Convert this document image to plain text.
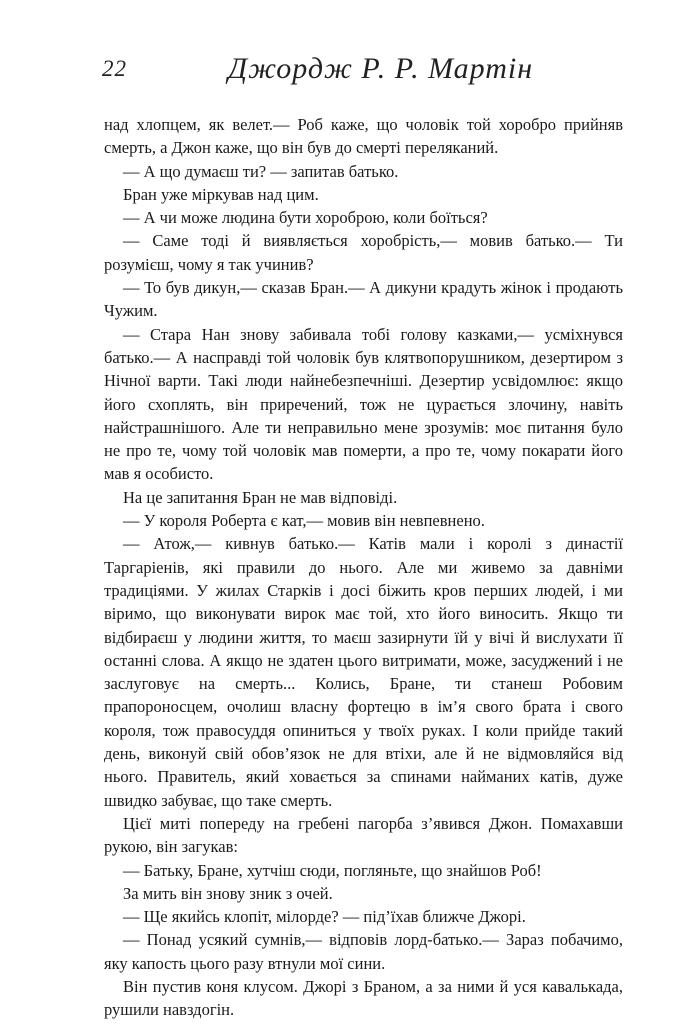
22	Джордж Р. Р. Мартін

над хлопцем, як велет.— Роб каже, що чоловік той хоробро прийняв смерть, а Джон каже, що він був до смерті переляканий.

— А що думаєш ти? — запитав батько.

Бран уже міркував над цим.

— А чи може людина бути хороброю, коли боїться?

— Саме тоді й виявляється хоробрість,— мовив батько.— Ти розумієш, чому я так учинив?

— То був дикун,— сказав Бран.— А дикуни крадуть жінок і продають Чужим.

— Стара Нан знову забивала тобі голову казками,— усміхнувся батько.— А насправді той чоловік був клятвопорушником, дезертиром з Нічної варти. Такі люди найнебезпечніші. Дезертир усвідомлює: якщо його схоплять, він приречений, тож не цурається злочину, навіть найстрашнішого. Але ти неправильно мене зрозумів: моє питання було не про те, чому той чоловік мав померти, а про те, чому покарати його мав я особисто.

На це запитання Бран не мав відповіді.

— У короля Роберта є кат,— мовив він невпевнено.

— Атож,— кивнув батько.— Катів мали і королі з династії Таргаріенів, які правили до нього. Але ми живемо за давніми традиціями. У жилах Старків і досі біжить кров перших людей, і ми віримо, що виконувати вирок має той, хто його виносить. Якщо ти відбираєш у людини життя, то маєш зазирнути їй у вічі й вислухати її останні слова. А якщо не здатен цього витримати, може, засуджений і не заслуговує на смерть... Колись, Бране, ти станеш Робовим прапороносцем, очолиш власну фортецю в ім’я свого брата і свого короля, тож правосуддя опиниться у твоїх руках. І коли прийде такий день, виконуй свій обов’язок не для втіхи, але й не відмовляйся від нього. Правитель, який ховається за спинами найманих катів, дуже швидко забуває, що таке смерть.

Цієї миті попереду на гребені пагорба з’явився Джон. Помахавши рукою, він загукав:

— Батьку, Бране, хутчіш сюди, погляньте, що знайшов Роб!

За мить він знову зник з очей.

— Ще якийсь клопіт, мілорде? — під’їхав ближче Джорі.

— Понад усякий сумнів,— відповів лорд-батько.— Зараз побачимо, яку капость цього разу втнули мої сини.

Він пустив коня клусом. Джорі з Браном, а за ними й уся кавалькада, рушили навздогін.
